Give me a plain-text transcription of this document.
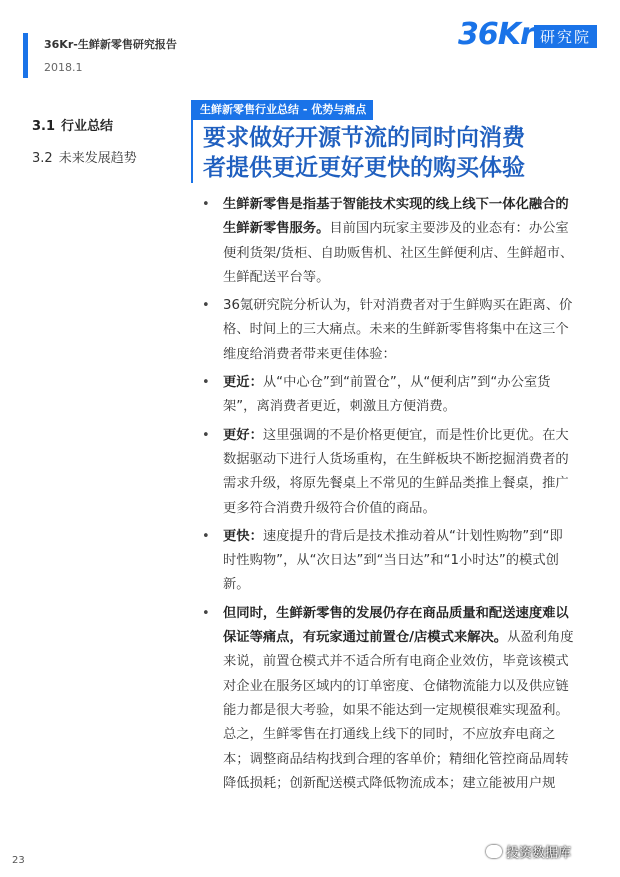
36Kr-生鲜新零售研究报告
2018.1
36Kr 研究院
3.1 行业总结
3.2 未来发展趋势
生鲜新零售行业总结 - 优势与痛点
要求做好开源节流的同时向消费
者提供更近更好更快的购买体验
• 生鲜新零售是指基于智能技术实现的线上线下一体化融合的生鲜新零售服务。目前国内玩家主要涉及的业态有：办公室便利货架/货柜、自助贩售机、社区生鲜便利店、生鲜超市、生鲜配送平台等。
• 36氪研究院分析认为，针对消费者对于生鲜购买在距离、价格、时间上的三大痛点。未来的生鲜新零售将集中在这三个维度给消费者带来更佳体验：
• 更近：从“中心仓”到“前置仓”，从“便利店”到“办公室货架”，离消费者更近，刺激且方便消费。
• 更好：这里强调的不是价格更便宜，而是性价比更优。在大数据驱动下进行人货场重构，在生鲜板块不断挖掘消费者的需求升级，将原先餐桌上不常见的生鲜品类推上餐桌，推广更多符合消费升级符合价值的商品。
• 更快：速度提升的背后是技术推动着从“计划性购物”到“即时性购物”，从“次日达”到“当日达”和“1小时达”的模式创新。
• 但同时，生鲜新零售的发展仍存在商品质量和配送速度难以保证等痛点，有玩家通过前置仓/店模式来解决。从盈利角度来说，前置仓模式并不适合所有电商企业效仿，毕竟该模式对企业在服务区域内的订单密度、仓储物流能力以及供应链能力都是很大考验，如果不能达到一定规模很难实现盈利。总之，生鲜零售在打通线上线下的同时，不应放弃电商之本；调整商品结构找到合理的客单价；精细化管控商品周转降低损耗；创新配送模式降低物流成本；建立能被用户规
23	投资数据库
